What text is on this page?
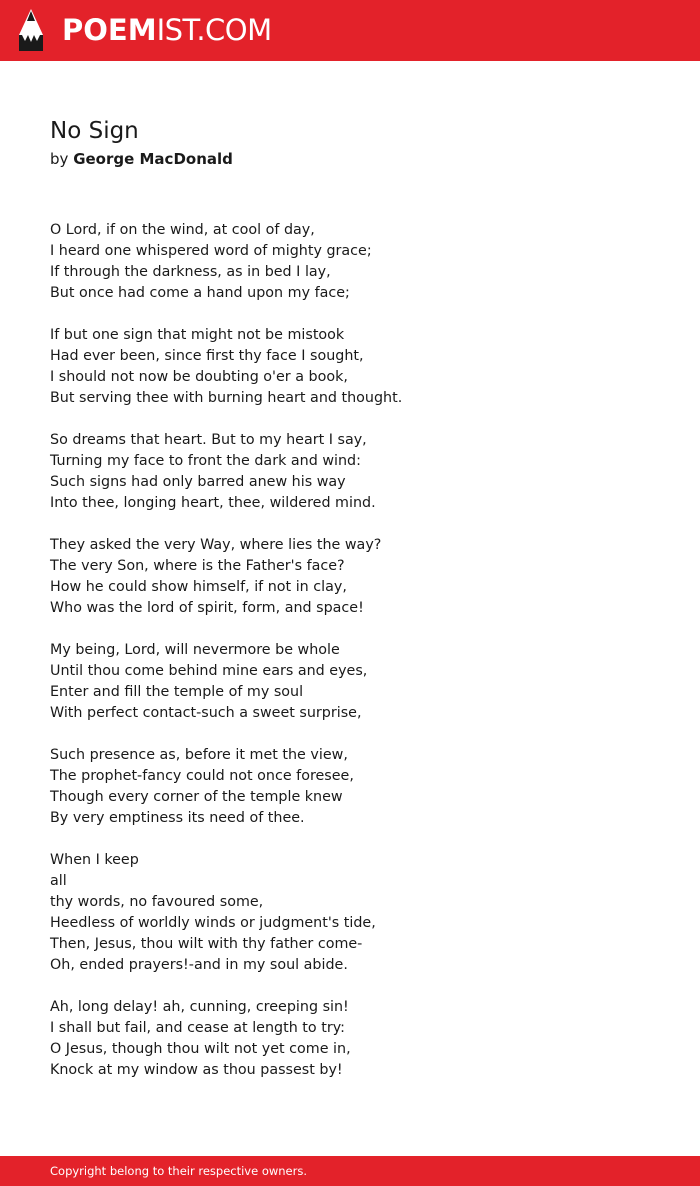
POEMIST.COM
No Sign
by George MacDonald
O Lord, if on the wind, at cool of day,
I heard one whispered word of mighty grace;
If through the darkness, as in bed I lay,
But once had come a hand upon my face;
If but one sign that might not be mistook
Had ever been, since first thy face I sought,
I should not now be doubting o'er a book,
But serving thee with burning heart and thought.
So dreams that heart. But to my heart I say,
Turning my face to front the dark and wind:
Such signs had only barred anew his way
Into thee, longing heart, thee, wildered mind.
They asked the very Way, where lies the way?
The very Son, where is the Father's face?
How he could show himself, if not in clay,
Who was the lord of spirit, form, and space!
My being, Lord, will nevermore be whole
Until thou come behind mine ears and eyes,
Enter and fill the temple of my soul
With perfect contact-such a sweet surprise,
Such presence as, before it met the view,
The prophet-fancy could not once foresee,
Though every corner of the temple knew
By very emptiness its need of thee.
When I keep
all
thy words, no favoured some,
Heedless of worldly winds or judgment's tide,
Then, Jesus, thou wilt with thy father come-
Oh, ended prayers!-and in my soul abide.
Ah, long delay! ah, cunning, creeping sin!
I shall but fail, and cease at length to try:
O Jesus, though thou wilt not yet come in,
Knock at my window as thou passest by!
Copyright belong to their respective owners.
